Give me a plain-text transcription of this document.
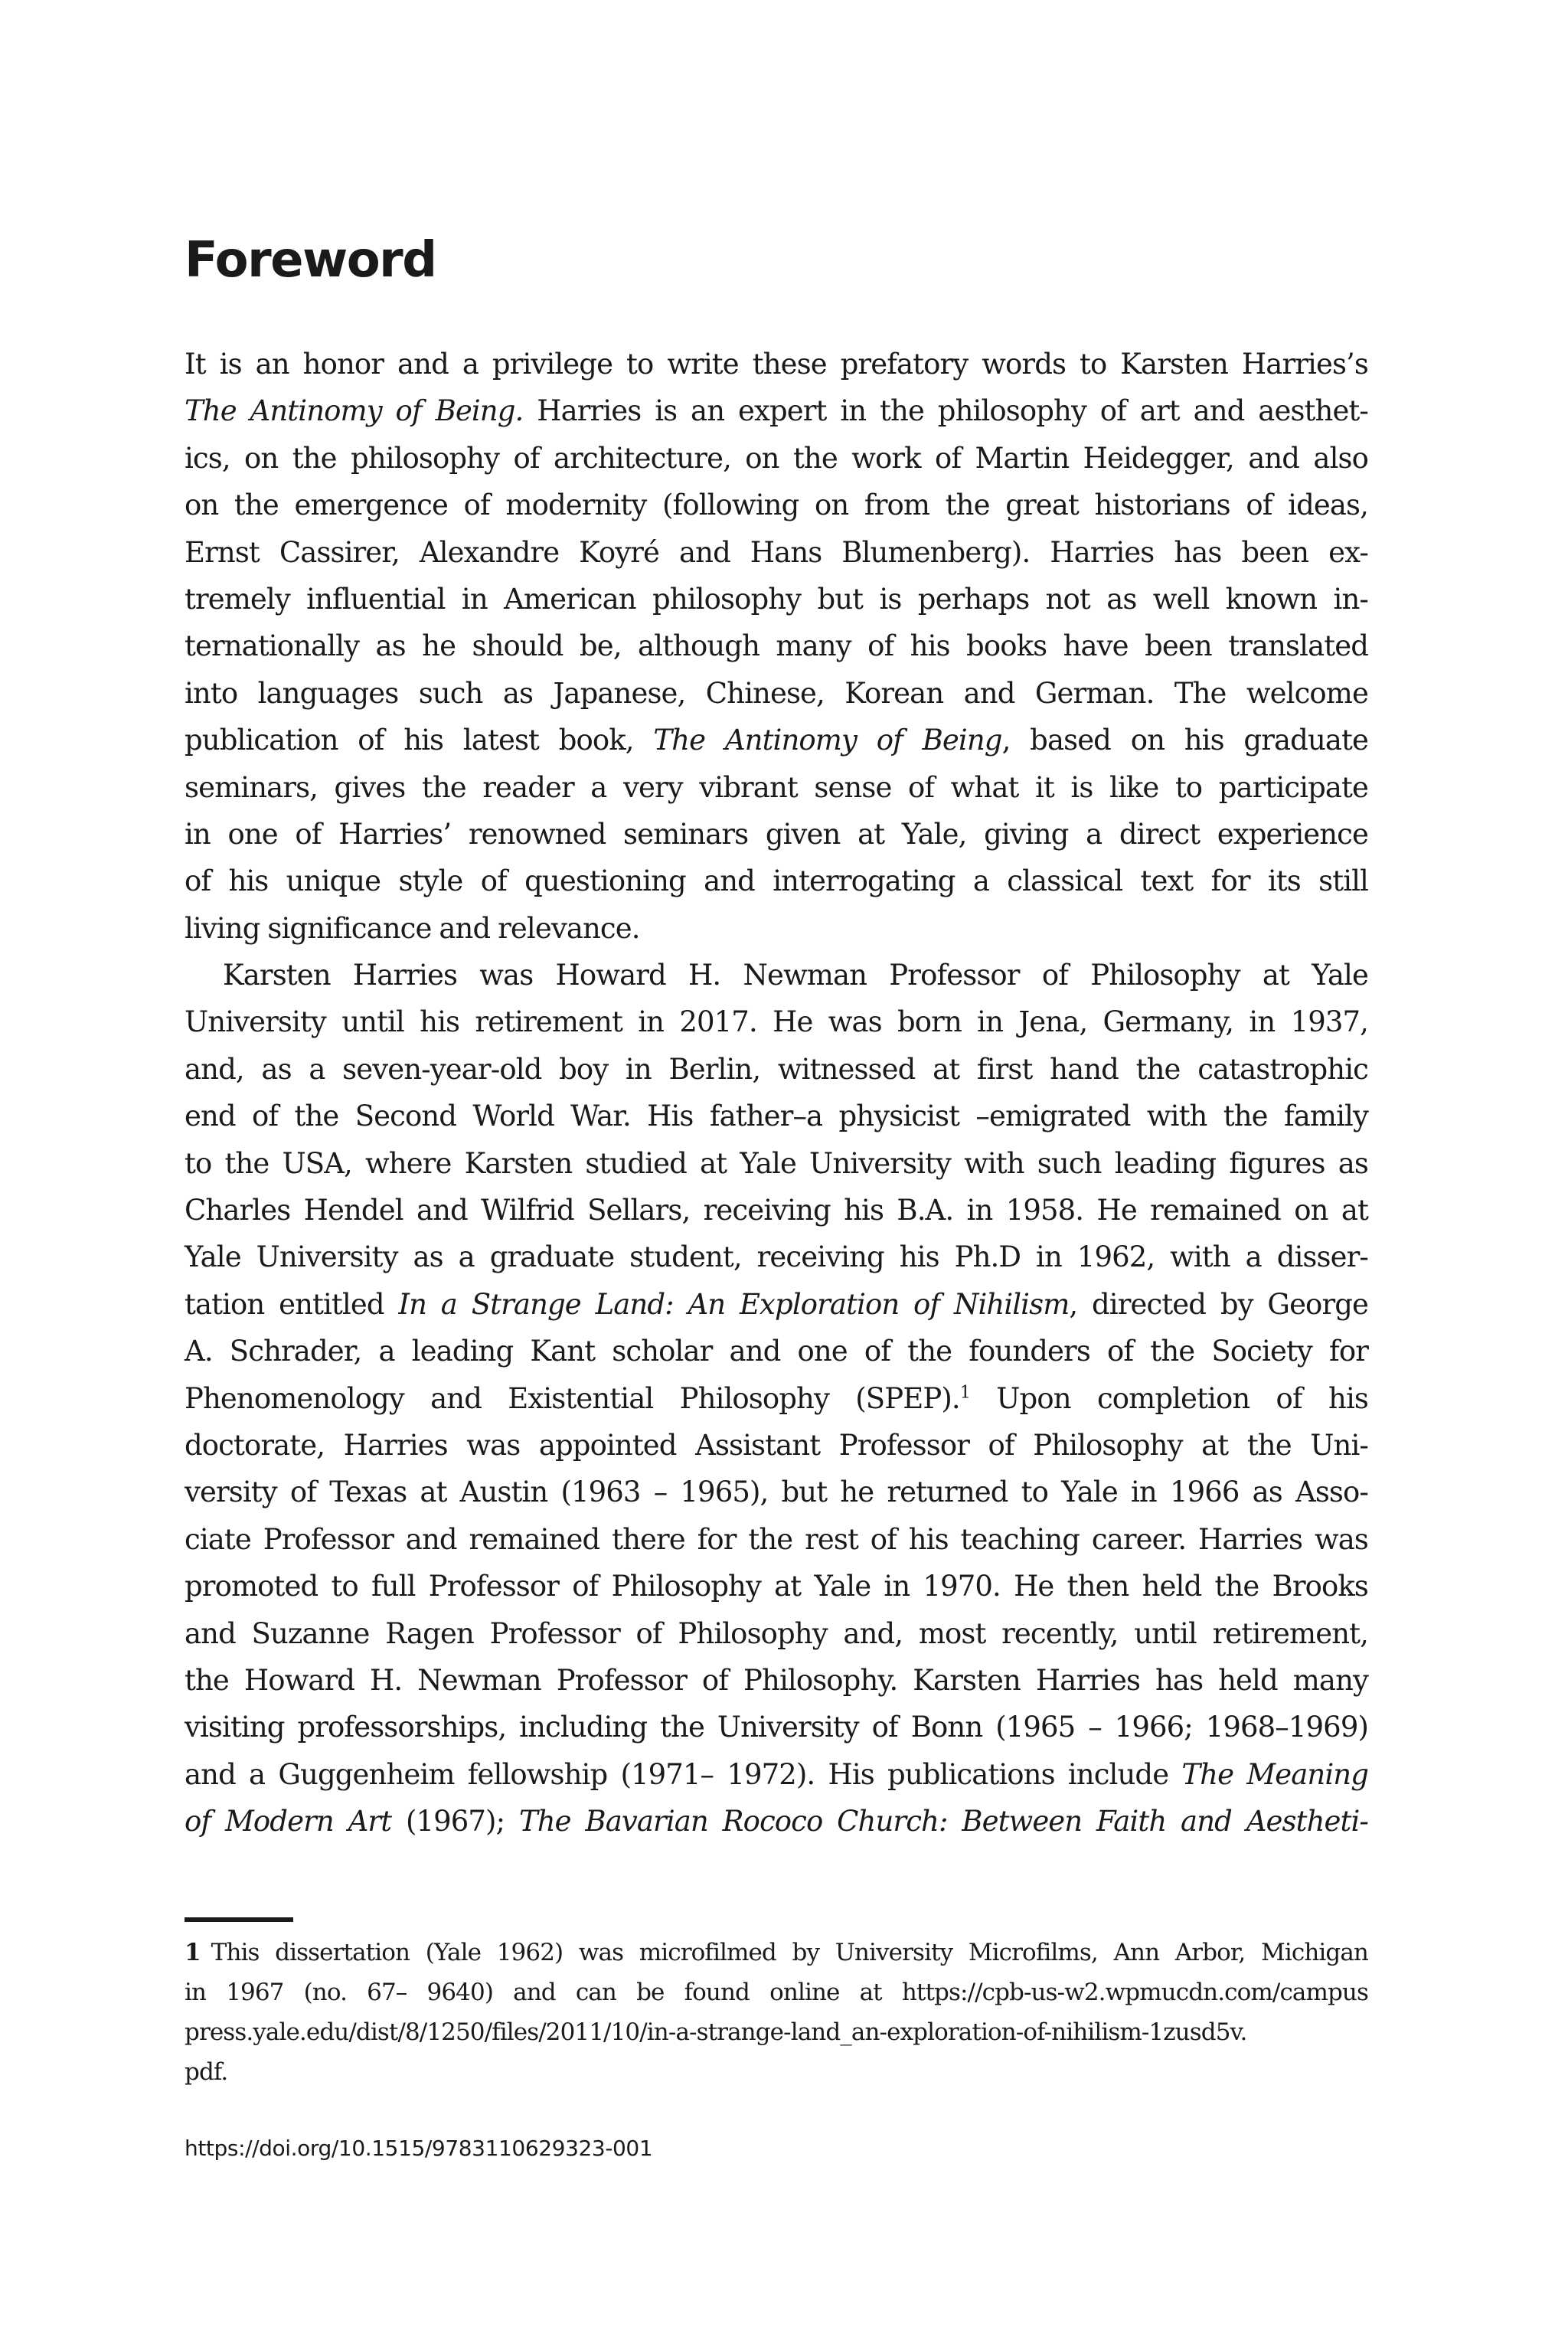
Foreword
It is an honor and a privilege to write these prefatory words to Karsten Harries’s
The Antinomy of Being. Harries is an expert in the philosophy of art and aesthet-
ics, on the philosophy of architecture, on the work of Martin Heidegger, and also
on the emergence of modernity (following on from the great historians of ideas,
Ernst Cassirer, Alexandre Koyré and Hans Blumenberg). Harries has been ex-
tremely influential in American philosophy but is perhaps not as well known in-
ternationally as he should be, although many of his books have been translated
into languages such as Japanese, Chinese, Korean and German. The welcome
publication of his latest book, The Antinomy of Being, based on his graduate
seminars, gives the reader a very vibrant sense of what it is like to participate
in one of Harries’ renowned seminars given at Yale, giving a direct experience
of his unique style of questioning and interrogating a classical text for its still
living significance and relevance.
Karsten Harries was Howard H. Newman Professor of Philosophy at Yale
University until his retirement in 2017. He was born in Jena, Germany, in 1937,
and, as a seven-year-old boy in Berlin, witnessed at first hand the catastrophic
end of the Second World War. His father–a physicist –emigrated with the family
to the USA, where Karsten studied at Yale University with such leading figures as
Charles Hendel and Wilfrid Sellars, receiving his B.A. in 1958. He remained on at
Yale University as a graduate student, receiving his Ph.D in 1962, with a disser-
tation entitled In a Strange Land: An Exploration of Nihilism, directed by George
A. Schrader, a leading Kant scholar and one of the founders of the Society for
Phenomenology and Existential Philosophy (SPEP).$^1$ Upon completion of his
doctorate, Harries was appointed Assistant Professor of Philosophy at the Uni-
versity of Texas at Austin (1963 – 1965), but he returned to Yale in 1966 as Asso-
ciate Professor and remained there for the rest of his teaching career. Harries was
promoted to full Professor of Philosophy at Yale in 1970. He then held the Brooks
and Suzanne Ragen Professor of Philosophy and, most recently, until retirement,
the Howard H. Newman Professor of Philosophy. Karsten Harries has held many
visiting professorships, including the University of Bonn (1965 – 1966; 1968–1969)
and a Guggenheim fellowship (1971– 1972). His publications include The Meaning
of Modern Art (1967); The Bavarian Rococo Church: Between Faith and Aestheti-
1 This dissertation (Yale 1962) was microfilmed by University Microfilms, Ann Arbor, Michigan
in 1967 (no. 67– 9640) and can be found online at https://cpb-us-w2.wpmucdn.com/campus
press.yale.edu/dist/8/1250/files/2011/10/in-a-strange-land_an-exploration-of-nihilism-1zusd5v.
pdf.
https://doi.org/10.1515/9783110629323-001
